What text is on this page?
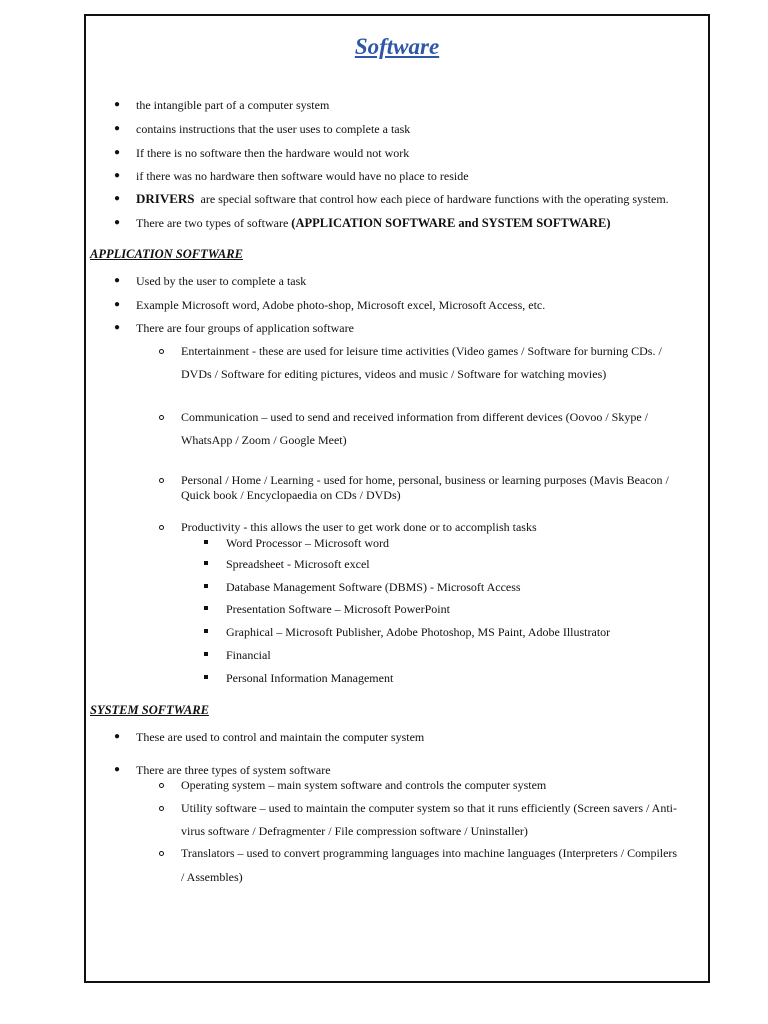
Software
● the intangible part of a computer system
● contains instructions that the user uses to complete a task
● If there is no software then the hardware would not work
● if there was no hardware then software would have no place to reside
● DRIVERS are special software that control how each piece of hardware functions with the operating system.
● There are two types of software (APPLICATION SOFTWARE and SYSTEM SOFTWARE)
APPLICATION SOFTWARE
● Used by the user to complete a task
● Example Microsoft word, Adobe photo-shop, Microsoft excel, Microsoft Access, etc.
● There are four groups of application software
Entertainment - these are used for leisure time activities (Video games / Software for burning CDs. /
DVDs / Software for editing pictures, videos and music / Software for watching movies)
Communication – used to send and received information from different devices (Oovoo / Skype /
WhatsApp / Zoom / Google Meet)
Personal / Home / Learning - used for home, personal, business or learning purposes (Mavis Beacon /
Quick book / Encyclopaedia on CDs / DVDs)
Productivity - this allows the user to get work done or to accomplish tasks
Word Processor – Microsoft word
Spreadsheet - Microsoft excel
Database Management Software (DBMS) - Microsoft Access
Presentation Software – Microsoft PowerPoint
Graphical – Microsoft Publisher, Adobe Photoshop, MS Paint, Adobe Illustrator
Financial
Personal Information Management
SYSTEM SOFTWARE
● These are used to control and maintain the computer system
● There are three types of system software
Operating system – main system software and controls the computer system
Utility software – used to maintain the computer system so that it runs efficiently (Screen savers / Anti-
virus software / Defragmenter / File compression software / Uninstaller)
Translators – used to convert programming languages into machine languages (Interpreters / Compilers
/ Assembles)
